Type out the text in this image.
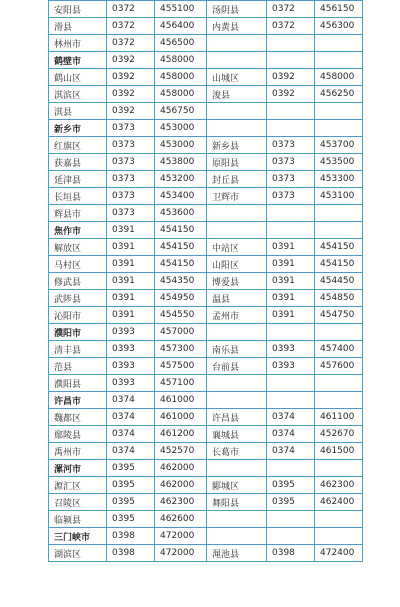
安阳县	0372	455100	汤阴县	0372	456150
滑县	0372	456400	内黄县	0372	456300
林州市	0372	456500			
鹤壁市	0392	458000			
鹤山区	0392	458000	山城区	0392	458000
淇滨区	0392	458000	浚县	0392	456250
淇县	0392	456750			
新乡市	0373	453000			
红旗区	0373	453000	新乡县	0373	453700
获嘉县	0373	453800	原阳县	0373	453500
延津县	0373	453200	封丘县	0373	453300
长垣县	0373	453400	卫辉市	0373	453100
辉县市	0373	453600			
焦作市	0391	454150			
解放区	0391	454150	中站区	0391	454150
马村区	0391	454150	山阳区	0391	454150
修武县	0391	454350	博爱县	0391	454450
武陟县	0391	454950	温县	0391	454850
沁阳市	0391	454550	孟州市	0391	454750
濮阳市	0393	457000			
清丰县	0393	457300	南乐县	0393	457400
范县	0393	457500	台前县	0393	457600
濮阳县	0393	457100			
许昌市	0374	461000			
魏都区	0374	461000	许昌县	0374	461100
鄢陵县	0374	461200	襄城县	0374	452670
禹州市	0374	452570	长葛市	0374	461500
漯河市	0395	462000			
源汇区	0395	462000	郾城区	0395	462300
召陵区	0395	462300	舞阳县	0395	462400
临颍县	0395	462600			
三门峡市	0398	472000			
湖滨区	0398	472000	渑池县	0398	472400
